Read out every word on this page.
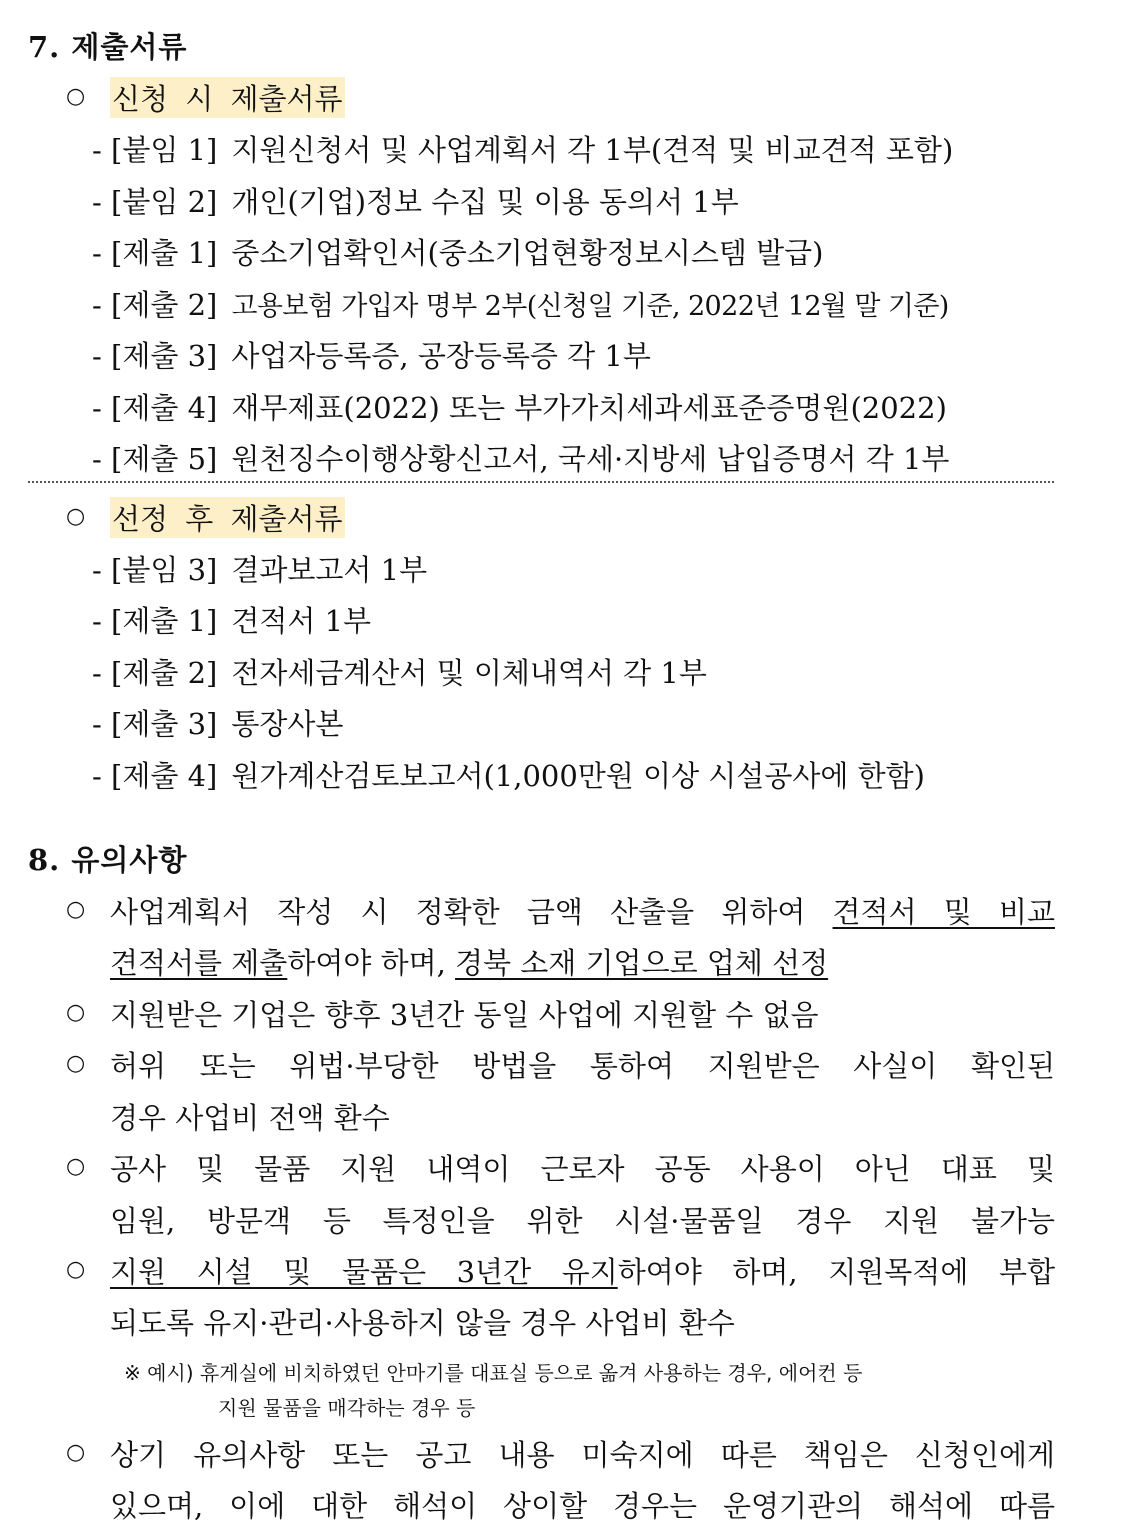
7. 제출서류
○ 신청 시 제출서류
- [붙임 1] 지원신청서 및 사업계획서 각 1부(견적 및 비교견적 포함)
- [붙임 2] 개인(기업)정보 수집 및 이용 동의서 1부
- [제출 1] 중소기업확인서(중소기업현황정보시스템 발급)
- [제출 2] 고용보험 가입자 명부 2부(신청일 기준, 2022년 12월 말 기준)
- [제출 3] 사업자등록증, 공장등록증 각 1부
- [제출 4] 재무제표(2022) 또는 부가가치세과세표준증명원(2022)
- [제출 5] 원천징수이행상황신고서, 국세·지방세 납입증명서 각 1부
○ 선정 후 제출서류
- [붙임 3] 결과보고서 1부
- [제출 1] 견적서 1부
- [제출 2] 전자세금계산서 및 이체내역서 각 1부
- [제출 3] 통장사본
- [제출 4] 원가계산검토보고서(1,000만원 이상 시설공사에 한함)
8. 유의사항
○ 사업계획서 작성 시 정확한 금액 산출을 위하여 견적서 및 비교
견적서를 제출하여야 하며, 경북 소재 기업으로 업체 선정
○ 지원받은 기업은 향후 3년간 동일 사업에 지원할 수 없음
○ 허위 또는 위법·부당한 방법을 통하여 지원받은 사실이 확인된
경우 사업비 전액 환수
○ 공사 및 물품 지원 내역이 근로자 공동 사용이 아닌 대표 및
임원, 방문객 등 특정인을 위한 시설·물품일 경우 지원 불가능
○ 지원 시설 및 물품은 3년간 유지하여야 하며, 지원목적에 부합
되도록 유지·관리·사용하지 않을 경우 사업비 환수
※ 예시) 휴게실에 비치하였던 안마기를 대표실 등으로 옮겨 사용하는 경우, 에어컨 등
지원 물품을 매각하는 경우 등
○ 상기 유의사항 또는 공고 내용 미숙지에 따른 책임은 신청인에게
있으며, 이에 대한 해석이 상이할 경우는 운영기관의 해석에 따름
